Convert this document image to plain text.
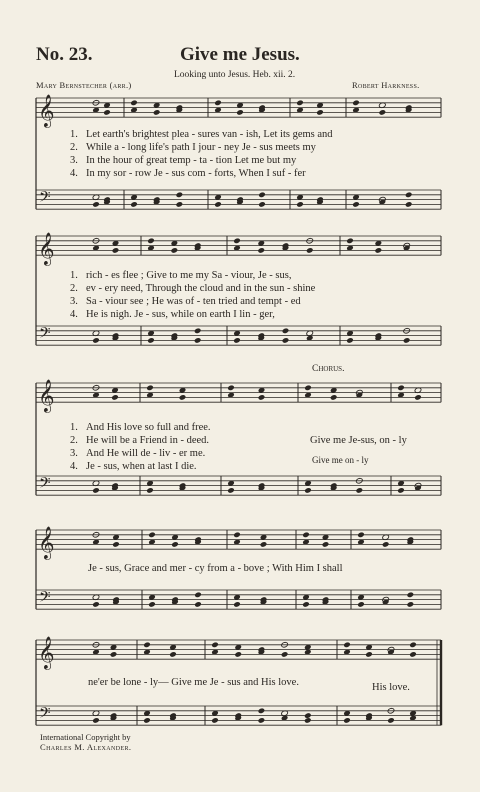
No. 23.	Give me Jesus.
Looking unto Jesus. Heb. xii. 2.
Mary Bernstecher (arr.)	Robert Harkness.
𝄞
𝄢
𝄞
𝄢
𝄞
𝄢
𝄞
𝄢
𝄞
𝄢
1. Let earth's brightest plea - sures van - ish, Let its gems and
2. While a - long life's path I jour - ney Je - sus meets my
3. In the hour of great temp - ta - tion Let me but my
4. In my sor - row Je - sus com - forts, When I suf - fer
1. rich - es flee ; Give to me my Sa - viour, Je - sus,
2. ev - ery need, Through the cloud and in the sun - shine
3. Sa - viour see ; He was of - ten tried and tempt - ed
4. He is nigh. Je - sus, while on earth I lin - ger,
Chorus.
1. And His love so full and free.
2. He will be a Friend in - deed.
3. And He will de - liv - er me.
4. Je - sus, when at last I die.
Give me Je-sus, on - ly
Give me on - ly
Je - sus, Grace and mer - cy from a - bove ; With Him I shall
ne'er be lone - ly— Give me Je - sus and His love.	His love.
International Copyright by
Charles M. Alexander.
